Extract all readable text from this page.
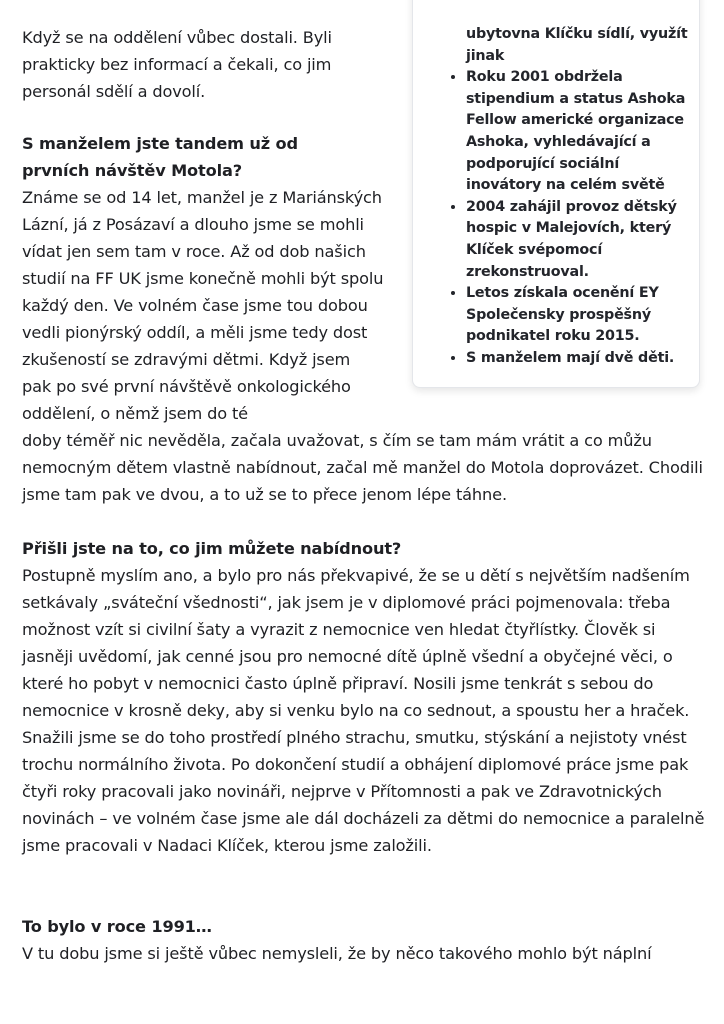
Když se na oddělení vůbec dostali. Byli prakticky bez informací a čekali, co jim personál sdělí a dovolí.

S manželem jste tandem už od prvních návštěv Motola?

Známe se od 14 let, manžel je z Mariánských Lázní, já z Posázaví a dlouho jsme se mohli vídat jen sem tam v roce. Až od dob našich studií na FF UK jsme konečně mohli být spolu každý den. Ve volném čase jsme tou dobou vedli pionýrský oddíl, a měli jsme tedy dost zkušeností se zdravými dětmi. Když jsem pak po své první návštěvě onkologického oddělení, o němž jsem do té
doby téměř nic nevěděla, začala uvažovat, s čím se tam mám vrátit a co můžu nemocným dětem vlastně nabídnout, začal mě manžel do Motola doprovázet. Chodili jsme tam pak ve dvou, a to už se to přece jenom lépe táhne.

Přišli jste na to, co jim můžete nabídnout?

Postupně myslím ano, a bylo pro nás překvapivé, že se u dětí s největším nadšením setkávaly „sváteční všednosti“, jak jsem je v diplomové práci pojmenovala: třeba možnost vzít si civilní šaty a vyrazit z nemocnice ven hledat čtyřlístky. Člověk si jasněji uvědomí, jak cenné jsou pro nemocné dítě úplně všední a obyčejné věci, o které ho pobyt v nemocnici často úplně připraví. Nosili jsme tenkrát s sebou do nemocnice v krosně deky, aby si venku bylo na co sednout, a spoustu her a hraček. Snažili jsme se do toho prostředí plného strachu, smutku, stýskání a nejistoty vnést trochu normálního života. Po dokončení studií a obhájení diplomové práce jsme pak čtyři roky pracovali jako novináři, nejprve v Přítomnosti a pak ve Zdravotnických novinách – ve volném čase jsme ale dál docházeli za dětmi do nemocnice a paralelně jsme pracovali v Nadaci Klíček, kterou jsme založili.

To bylo v roce 1991…

V tu dobu jsme si ještě vůbec nemysleli, že by něco takového mohlo být náplní

ubytovna Klíčku sídlí, využít jinak
• Roku 2001 obdržela stipendium a status Ashoka Fellow americké organizace Ashoka, vyhledávající a podporující sociální inovátory na celém světě
• 2004 zahájil provoz dětský hospic v Malejovích, který Klíček svépomocí zrekonstruoval.
• Letos získala ocenění EY Společensky prospěšný podnikatel roku 2015.
• S manželem mají dvě děti.
